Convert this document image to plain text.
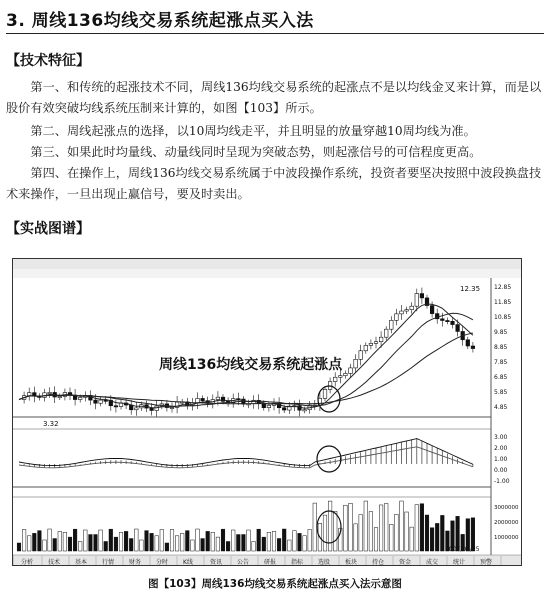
3. 周线136均线交易系统起涨点买入法
【技术特征】

第一、和传统的起涨技术不同，周线136均线交易系统的起涨点不是以均线金叉来计算，而是以股价有效突破均线系统压制来计算的，如图【103】所示。

第二、周线起涨点的选择，以10周均线走平，并且明显的放量穿越10周均线为准。

第三、如果此时均量线、动量线同时呈现为突破态势，则起涨信号的可信程度更高。

第四、在操作上，周线136均线交易系统属于中波段操作系统，投资者要坚决按照中波段换盘技术来操作，一旦出现止赢信号，要及时卖出。

【实战图谱】
12.85
11.85
10.85
9.85
8.85
7.85
6.85
5.85
4.85
3.00
2.00
1.00
0.00
-1.00
3000000
2000000
1000000
分析 技术 基本 行情 财务 分时 K线	资讯 公告 研报 指标 选股 板块 持仓 资金 成交 统计 预警
周线136均线交易系统起涨点
12.35
3.32
2007/05/25
图【103】周线136均线交易系统起涨点买入法示意图
